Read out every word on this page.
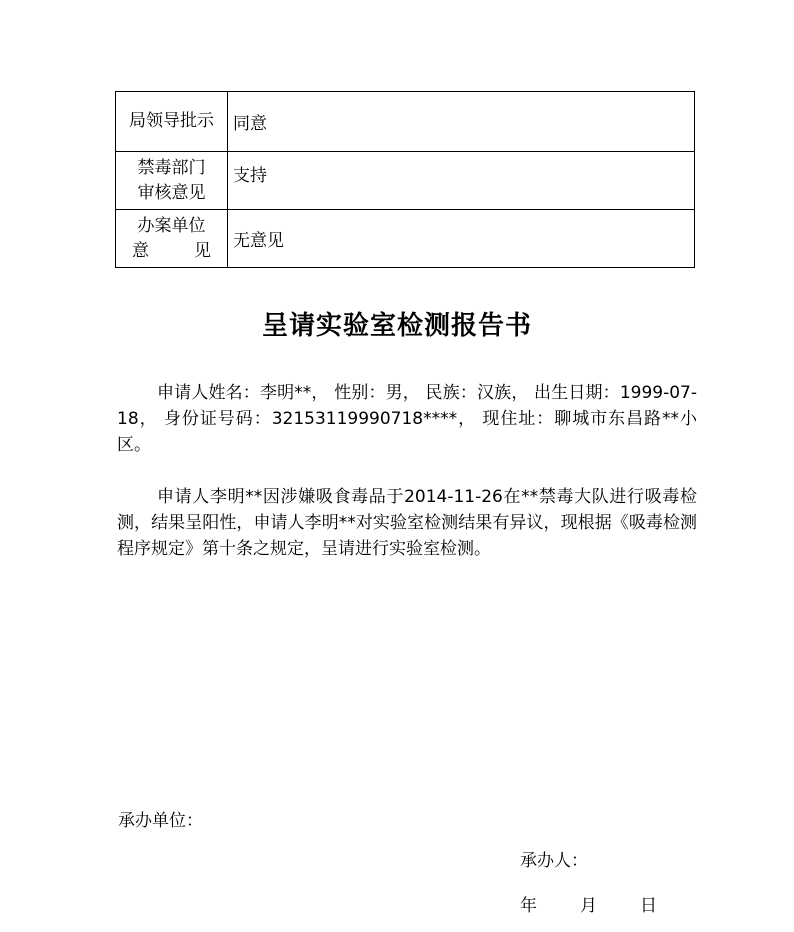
局领导批示	同意

禁毒部门
审核意见	支持

办案单位
意 见	无意见
呈请实验室检测报告书
申请人姓名：李明**， 性别：男， 民族：汉族， 出生日期：1999-07-18， 身份证号码：32153119990718****， 现住址：聊城市东昌路**小区。
申请人李明**因涉嫌吸食毒品于2014-11-26在**禁毒大队进行吸毒检测，结果呈阳性，申请人李明**对实验室检测结果有异议，现根据《吸毒检测程序规定》第十条之规定，呈请进行实验室检测。
承办单位：
承办人：
年	月	日
